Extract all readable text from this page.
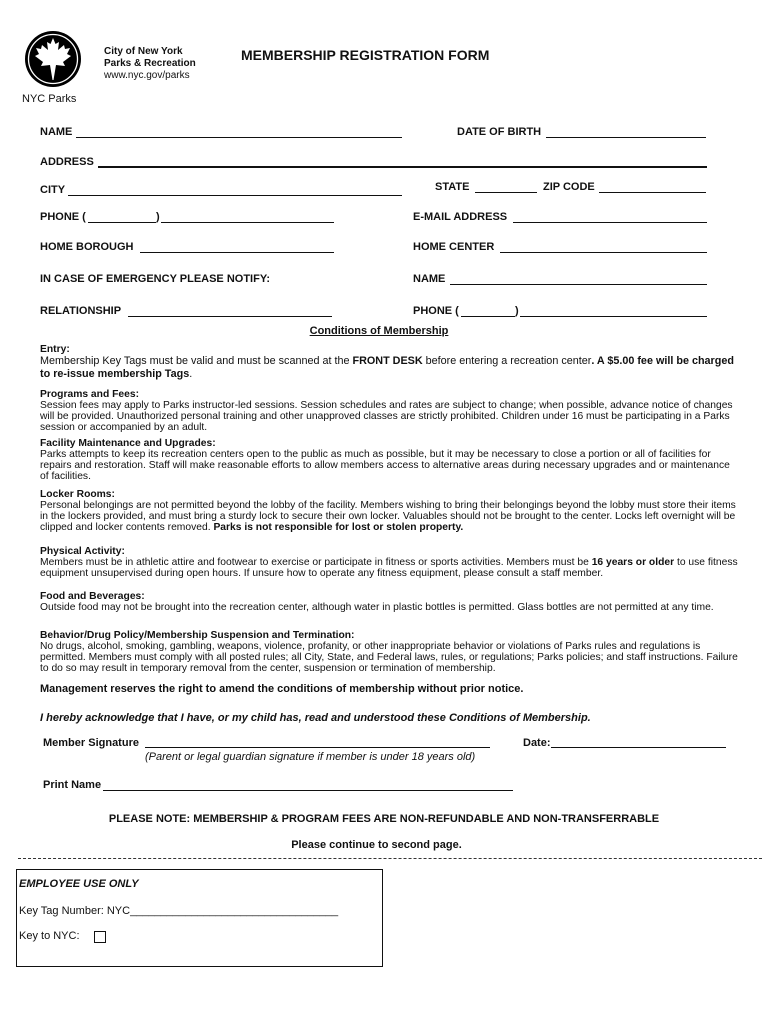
NYC Parks
City of New York
Parks & Recreation
www.nyc.gov/parks
MEMBERSHIP REGISTRATION FORM
NAME	DATE OF BIRTH
ADDRESS
CITY	STATE	ZIP CODE
PHONE (	)	E-MAIL ADDRESS
HOME BOROUGH	HOME CENTER
IN CASE OF EMERGENCY PLEASE NOTIFY:	NAME
RELATIONSHIP	PHONE (	)
Conditions of Membership
Entry:
Membership Key Tags must be valid and must be scanned at the FRONT DESK before entering a recreation center. A $5.00 fee will be charged to re-issue membership Tags.
Programs and Fees:
Session fees may apply to Parks instructor-led sessions. Session schedules and rates are subject to change; when possible, advance notice of changes will be provided. Unauthorized personal training and other unapproved classes are strictly prohibited. Children under 16 must be participating in a Parks session or accompanied by an adult.
Facility Maintenance and Upgrades:
Parks attempts to keep its recreation centers open to the public as much as possible, but it may be necessary to close a portion or all of facilities for repairs and restoration. Staff will make reasonable efforts to allow members access to alternative areas during necessary upgrades and or maintenance of facilities.
Locker Rooms:
Personal belongings are not permitted beyond the lobby of the facility. Members wishing to bring their belongings beyond the lobby must store their items in the lockers provided, and must bring a sturdy lock to secure their own locker. Valuables should not be brought to the center. Locks left overnight will be clipped and locker contents removed. Parks is not responsible for lost or stolen property.
Physical Activity:
Members must be in athletic attire and footwear to exercise or participate in fitness or sports activities. Members must be 16 years or older to use fitness equipment unsupervised during open hours. If unsure how to operate any fitness equipment, please consult a staff member.
Food and Beverages:
Outside food may not be brought into the recreation center, although water in plastic bottles is permitted. Glass bottles are not permitted at any time.
Behavior/Drug Policy/Membership Suspension and Termination:
No drugs, alcohol, smoking, gambling, weapons, violence, profanity, or other inappropriate behavior or violations of Parks rules and regulations is permitted. Members must comply with all posted rules; all City, State, and Federal laws, rules, or regulations; Parks policies; and staff instructions. Failure to do so may result in temporary removal from the center, suspension or termination of membership.
Management reserves the right to amend the conditions of membership without prior notice.
I hereby acknowledge that I have, or my child has, read and understood these Conditions of Membership.
Member Signature
(Parent or legal guardian signature if member is under 18 years old)
Date:
Print Name
PLEASE NOTE: MEMBERSHIP & PROGRAM FEES ARE NON-REFUNDABLE AND NON-TRANSFERRABLE
Please continue to second page.
EMPLOYEE USE ONLY
Key Tag Number: NYC__________________________________
Key to NYC:
